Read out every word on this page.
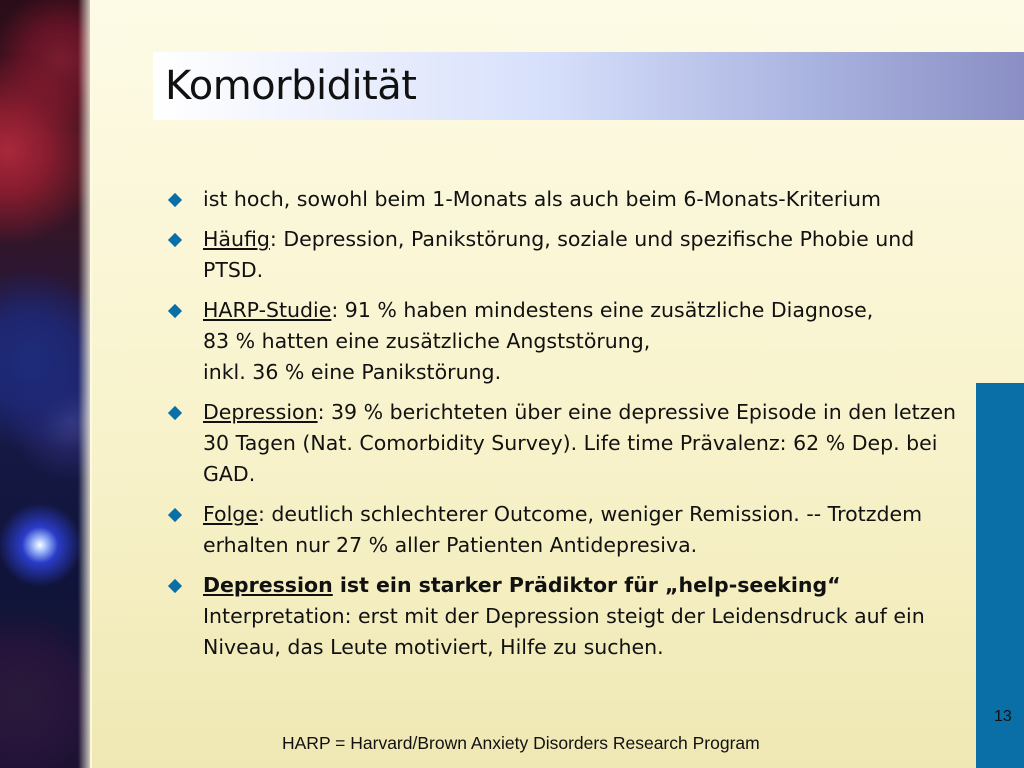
Komorbidität
ist hoch, sowohl beim 1-Monats als auch beim 6-Monats-Kriterium
Häufig: Depression, Panikstörung, soziale und spezifische Phobie und PTSD.
HARP-Studie: 91 % haben mindestens eine zusätzliche Diagnose,
83 % hatten eine zusätzliche Angststörung,
inkl. 36 % eine Panikstörung.
Depression: 39 % berichteten über eine depressive Episode in den letzen 30 Tagen (Nat. Comorbidity Survey). Life time Prävalenz: 62 % Dep. bei GAD.
Folge: deutlich schlechterer Outcome, weniger Remission. -- Trotzdem erhalten nur 27 % aller Patienten Antidepresiva.
Depression ist ein starker Prädiktor für „help-seeking“
Interpretation: erst mit der Depression steigt der Leidensdruck auf ein Niveau, das Leute motiviert, Hilfe zu suchen.
13
HARP = Harvard/Brown Anxiety Disorders Research Program
